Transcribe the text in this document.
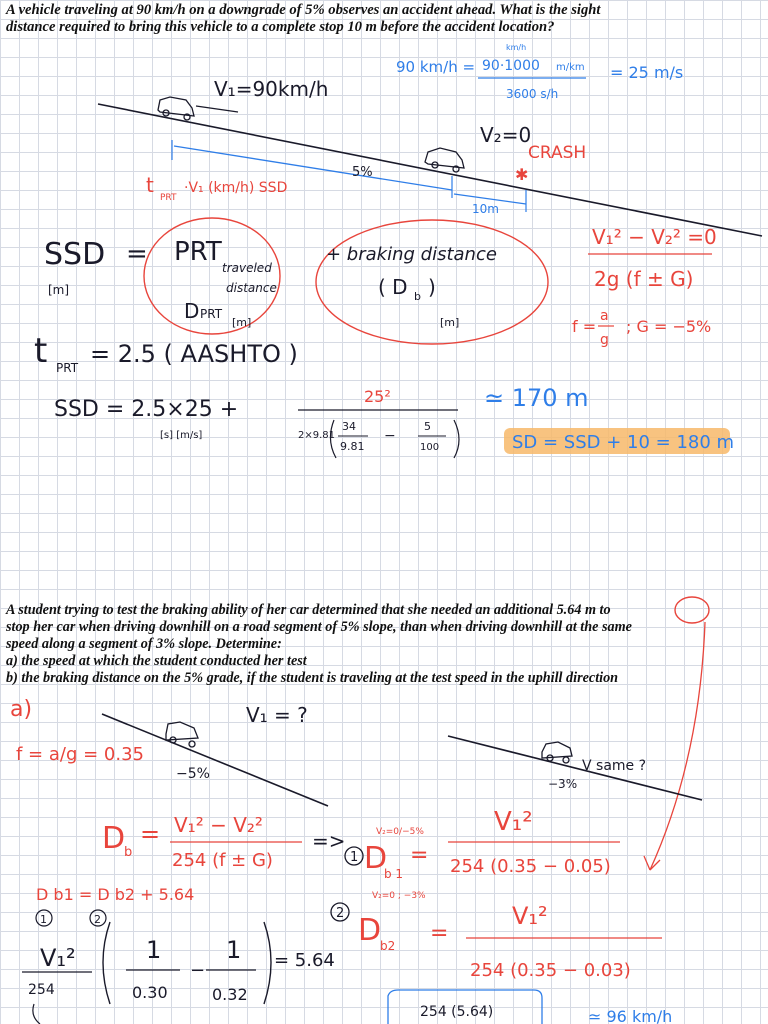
A vehicle traveling at 90 km/h on a downgrade of 5% observes an accident ahead. What is the sight
distance required to bring this vehicle to a complete stop 10 m before the accident location?
A student trying to test the braking ability of her car determined that she needed an additional 5.64 m to
stop her car when driving downhill on a road segment of 5% slope, than when driving downhill at the same
speed along a segment of 3% slope. Determine:
a) the speed at which the student conducted her test
b) the braking distance on the 5% grade, if the student is traveling at the test speed in the uphill direction
V₁=90km/h
90 km/h =
km/h
90·1000 m/km
3600 s/h
= 25 m/s
V₂=0
CRASH
✱
5%
10m
t
PRT
·V₁ (km/h) SSD
SSD
[m]
= PRT
traveled
distance
D PRT
[m]
+ braking distance
( D b )
[m]
V₁² − V₂² =0
2g (f ± G)
f =
a
g
; G = −5%
t PRT = 2.5 ( AASHTO )
SSD = 2.5×25 +
[s] [m/s]
25²
2×9.81
34
9.81
−
5
100
≃ 170 m
SD = SSD + 10 = 180 m
a)	V₁ = ?
f = a/g = 0.35
−5%	V same ?
−3%
D
b
= V₁² − V₂²
254 (f ± G)
=>
1
V₂=0/−5%
D
b 1
=
V₁²
254 (0.35 − 0.05)
D b1 = D b2 + 5.64
1	2	2
V₂=0 ; −3%
D
b2 =
V₁²
254 (0.35 − 0.03)
V₁²
254
1
0.30
−
1
0.32
= 5.64
254 (5.64)	≃ 96 km/h
